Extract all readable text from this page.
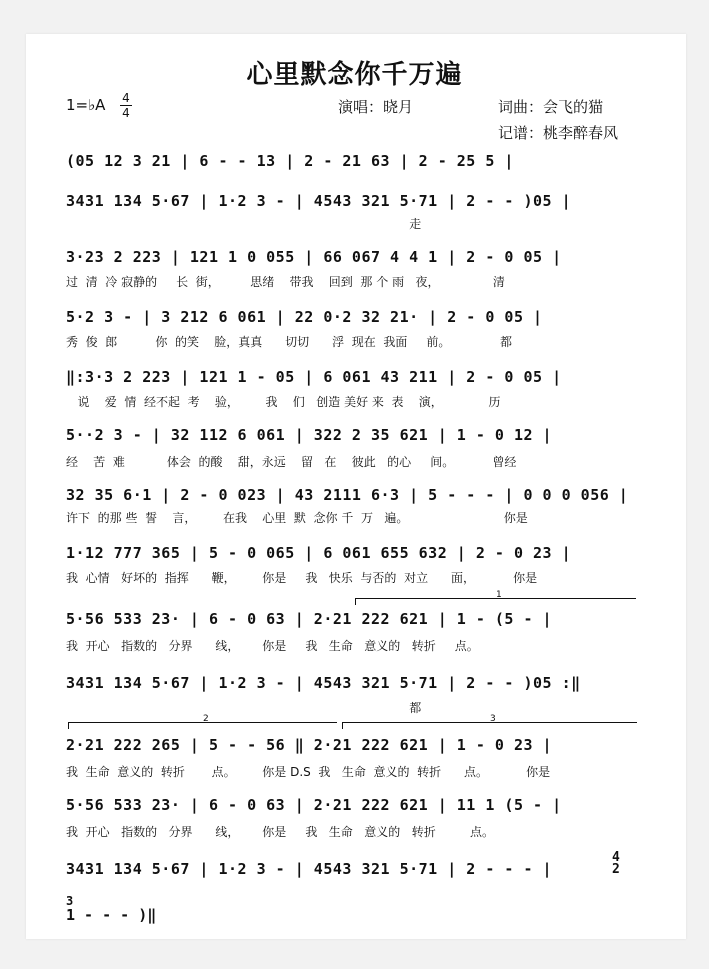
心里默念你千万遍
1=♭A 4
4	演唱：晓月	词曲：会飞的猫
记谱：桃李醉春风
(05 12 3 21 | 6 - - 13 | 2 - 21 63 | 2 - 25 5 |
3431 134 5·67 | 1·2 3 - | 4543 321 5·71 | 2 - - )05 |
走
3·23 2 223 | 121 1 0 055 | 66 067 4 4 1 | 2 - 0 05 |
过  清  冷 寂静的     长  街，        思绪    带我    回到  那 个 雨   夜，              清
5·2 3 - | 3 212 6 061 | 22 0·2 32 21· | 2 - 0 05 |
秀  俊  郎          你  的笑    脸，真真      切切      浮  现在  我面     前。             都
‖:3·3 2 223 | 121 1 - 05 | 6 061 43 211 | 2 - 0 05 |
说    爱  情  经不起  考    验，       我    们   创造 美好 来  表    演，            历
5··2 3 - | 32 112 6 061 | 322 2 35 621 | 1 - 0 12 |
经    苦  难           体会  的酸    甜，永远    留   在    彼此   的心     间。          曾经
32 35 6·1 | 2 - 0 023 | 43 2111 6·3 | 5 - - - | 0 0 0 056 |
许下  的那 些  誓    言，       在我    心里  默  念你 千  万   遍。                         你是
1·12 777 365 | 5 - 0 065 | 6 061 655 632 | 2 - 0 23 |
我  心情   好坏的  指挥      鞭，       你是     我   快乐  与否的  对立      面，          你是
1
5·56 533 23· | 6 - 0 63 | 2·21 222 621 | 1 - (5 - |
我  开心   指数的   分界      线，      你是     我   生命   意义的   转折     点。
3431 134 5·67 | 1·2 3 - | 4543 321 5·71 | 2 - - )05 :‖
都
2	3
2·21 222 265 | 5 - - 56 ‖ 2·21 222 621 | 1 - 0 23 |
我  生命  意义的  转折       点。       你是 D.S  我   生命  意义的  转折      点。          你是
5·56 533 23· | 6 - 0 63 | 2·21 222 621 | 11 1 (5 - |
我  开心   指数的   分界      线，      你是     我   生命   意义的   转折         点。
3431 134 5·67 | 1·2 3 - | 4543 321 5·71 | 2 - - - |
4
2
3
1 - - - )‖
